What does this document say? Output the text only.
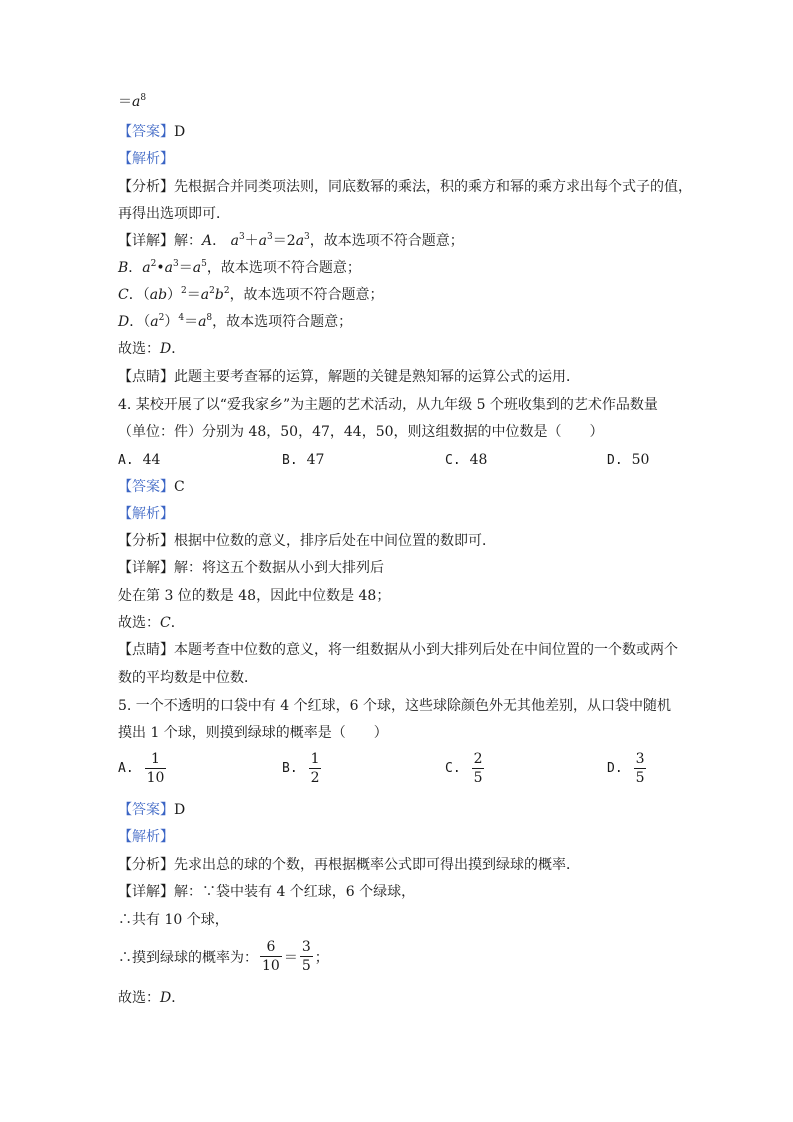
$=a^8$
【答案】D
【解析】
【分析】先根据合并同类项法则，同底数幂的乘法，积的乘方和幂的乘方求出每个式子的值，
再得出选项即可．
【详解】解：A． $a^3+a^3=2a^3$，故本选项不符合题意；
B．$a^2•a^3=a^5$，故本选项不符合题意；
C．$(ab)^2=a^2b^2$，故本选项不符合题意；
D．$(a^2)^4=a^8$，故本选项符合题意；
故选：D．
【点睛】此题主要考查幂的运算，解题的关键是熟知幂的运算公式的运用．
4. 某校开展了以“爱我家乡”为主题的艺术活动，从九年级 5 个班收集到的艺术作品数量
（单位：件）分别为 48，50，47，44，50，则这组数据的中位数是（　　）
A. 44	B. 47	C. 48	D. 50
【答案】C
【解析】
【分析】根据中位数的意义，排序后处在中间位置的数即可．
【详解】解：将这五个数据从小到大排列后
处在第 3 位的数是 48，因此中位数是 48；
故选：C．
【点睛】本题考查中位数的意义，将一组数据从小到大排列后处在中间位置的一个数或两个
数的平均数是中位数．
5. 一个不透明的口袋中有 4 个红球，6 个球，这些球除颜色外无其他差别，从口袋中随机
摸出 1 个球，则摸到绿球的概率是（　　）
A.
$\frac{1}{10}$	B.
$\frac{1}{2}$	C.
$\frac{2}{5}$	D.
$\frac{3}{5}$
【答案】D
【解析】
【分析】先求出总的球的个数，再根据概率公式即可得出摸到绿球的概率．
【详解】解：∵袋中装有 4 个红球，6 个绿球，
∴共有 10 个球，
∴摸到绿球的概率为： $\frac{6}{10} = \frac{3}{5}$ ；
故选：D．
